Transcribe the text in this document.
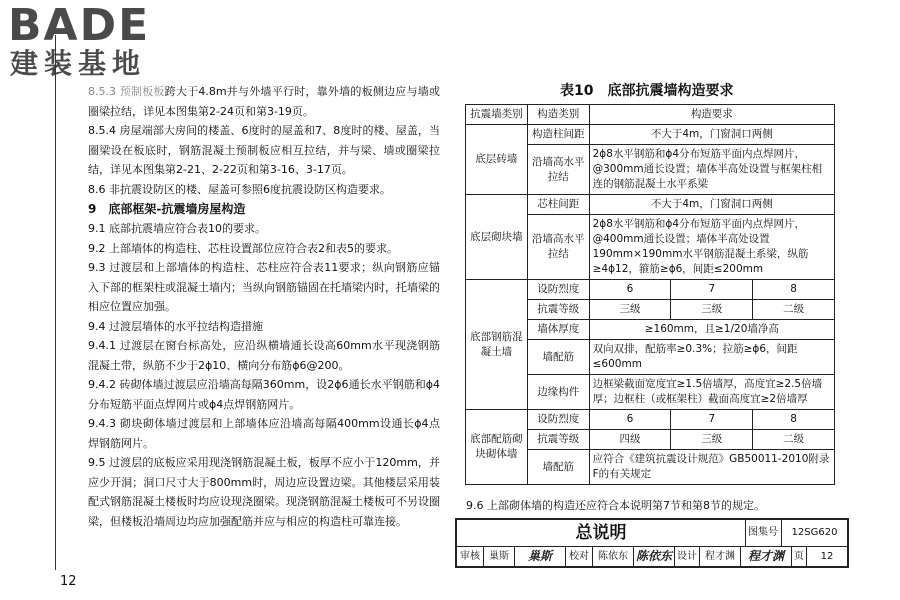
BADE
建装基地

8.5.3 预制板板跨大于4.8m并与外墙平行时，靠外墙的板侧边应与墙或圈梁拉结，详见本图集第2-24页和第3-19页。

8.5.4 房屋端部大房间的楼盖、6度时的屋盖和7、8度时的楼、屋盖，当圈梁设在板底时，钢筋混凝土预制板应相互拉结，并与梁、墙或圈梁拉结，详见本图集第2-21、2-22页和第3-16、3-17页。

8.6 非抗震设防区的楼、屋盖可参照6度抗震设防区构造要求。

9　底部框架-抗震墙房屋构造

9.1 底部抗震墙应符合表10的要求。

9.2 上部墙体的构造柱、芯柱设置部位应符合表2和表5的要求。

9.3 过渡层和上部墙体的构造柱、芯柱应符合表11要求；纵向钢筋应锚入下部的框架柱或混凝土墙内；当纵向钢筋锚固在托墙梁内时，托墙梁的相应位置应加强。

9.4 过渡层墙体的水平拉结构造措施

9.4.1 过渡层在窗台标高处，应沿纵横墙通长设高60mm水平现浇钢筋混凝土带，纵筋不少于2ϕ10、横向分布筋ϕ6@200。

9.4.2 砖砌体墙过渡层应沿墙高每隔360mm，设2ϕ6通长水平钢筋和ϕ4分布短筋平面点焊网片或ϕ4点焊钢筋网片。

9.4.3 砌块砌体墙过渡层和上部墙体应沿墙高每隔400mm设通长ϕ4点焊钢筋网片。

9.5 过渡层的底板应采用现浇钢筋混凝土板，板厚不应小于120mm，并应少开洞；洞口尺寸大于800mm时，周边应设置边梁。其他楼层采用装配式钢筋混凝土楼板时均应设现浇圈梁。现浇钢筋混凝土楼板可不另设圈梁，但楼板沿墙周边均应加强配筋并应与相应的构造柱可靠连接。

表10　底部抗震墙构造要求
抗震墙类别	构造类别	构造要求		
底层砖墙	构造柱间距	不大于4m，门窗洞口两侧		
	沿墙高水平拉结	2ϕ8水平钢筋和ϕ4分布短筋平面内点焊网片，@300mm通长设置；墙体半高处设置与框架柱相连的钢筋混凝土水平系梁		
底层砌块墙	芯柱间距	不大于4m，门窗洞口两侧		
	沿墙高水平拉结	2ϕ8水平钢筋和ϕ4分布短筋平面内点焊网片，@400mm通长设置；墙体半高处设置190mm×190mm水平钢筋混凝土系梁，纵筋≥4ϕ12，箍筋≥ϕ6，间距≤200mm		
底部钢筋混凝土墙	设防烈度	6	7	8
	抗震等级	三级	三级	二级
	墙体厚度	≥160mm，且≥1/20墙净高		
	墙配筋	双向双排，配筋率≥0.3%；拉筋≥ϕ6，间距≤600mm		
	边缘构件	边框梁截面宽度宜≥1.5倍墙厚，高度宜≥2.5倍墙厚；边框柱（或框架柱）截面高度宜≥2倍墙厚		

底部配筋砌块砌体墙	设防烈度	6	7	8
	抗震等级	四级	三级	二级
	墙配筋	应符合《建筑抗震设计规范》GB50011-2010附录F的有关规定		
9.6 上部砌体墙的构造还应符合本说明第7节和第8节的规定。
总说明	图集号	12SG620
审核 巢斯	巢斯	校对 陈依东 陈依东 设计 程才渊	程才渊	页	12
12
